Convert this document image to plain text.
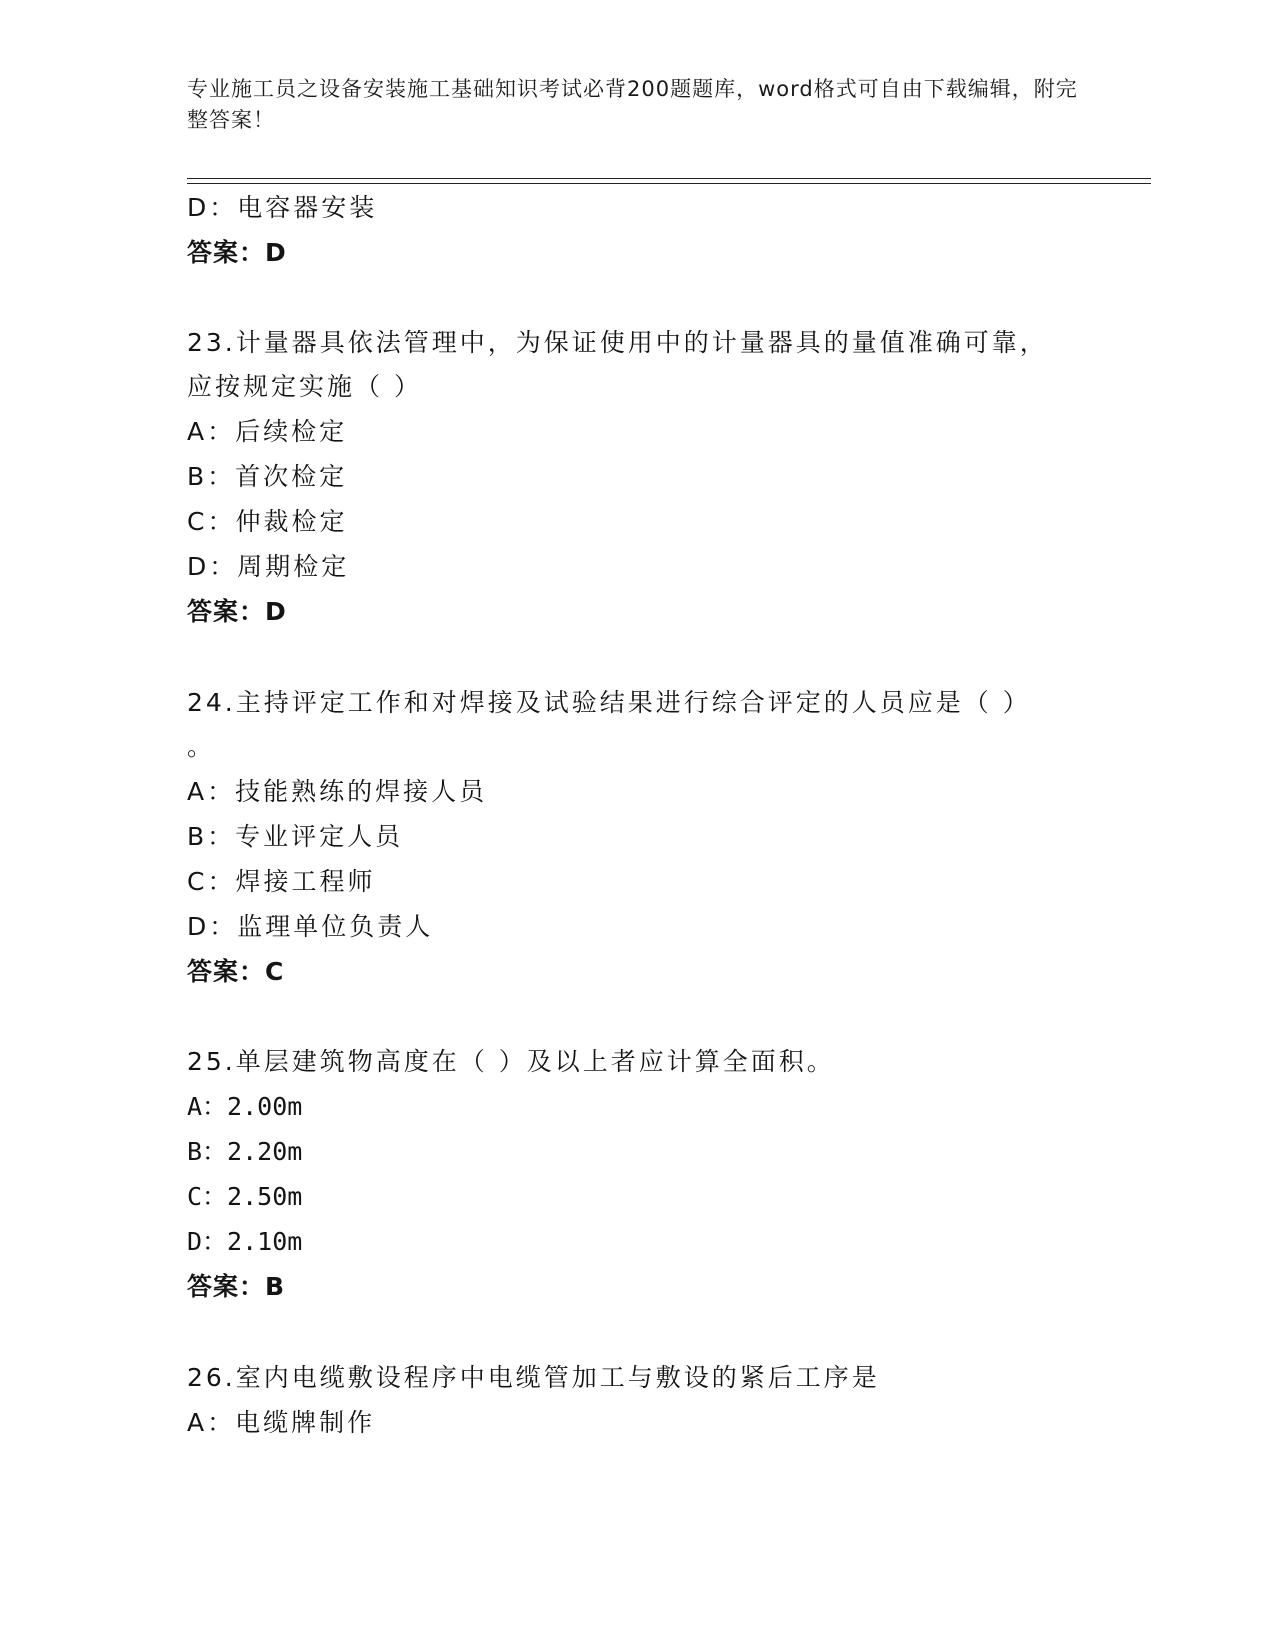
专业施工员之设备安装施工基础知识考试必背200题题库，word格式可自由下载编辑，附完整答案！
D：电容器安装
答案：D
23.计量器具依法管理中，为保证使用中的计量器具的量值准确可靠，
应按规定实施（ ）
A：后续检定
B：首次检定
C：仲裁检定
D：周期检定
答案：D
24.主持评定工作和对焊接及试验结果进行综合评定的人员应是（ ）
。
A：技能熟练的焊接人员
B：专业评定人员
C：焊接工程师
D：监理单位负责人
答案：C
25.单层建筑物高度在（ ）及以上者应计算全面积。
A：2.00m
B：2.20m
C：2.50m
D：2.10m
答案：B
26.室内电缆敷设程序中电缆管加工与敷设的紧后工序是
A：电缆牌制作
